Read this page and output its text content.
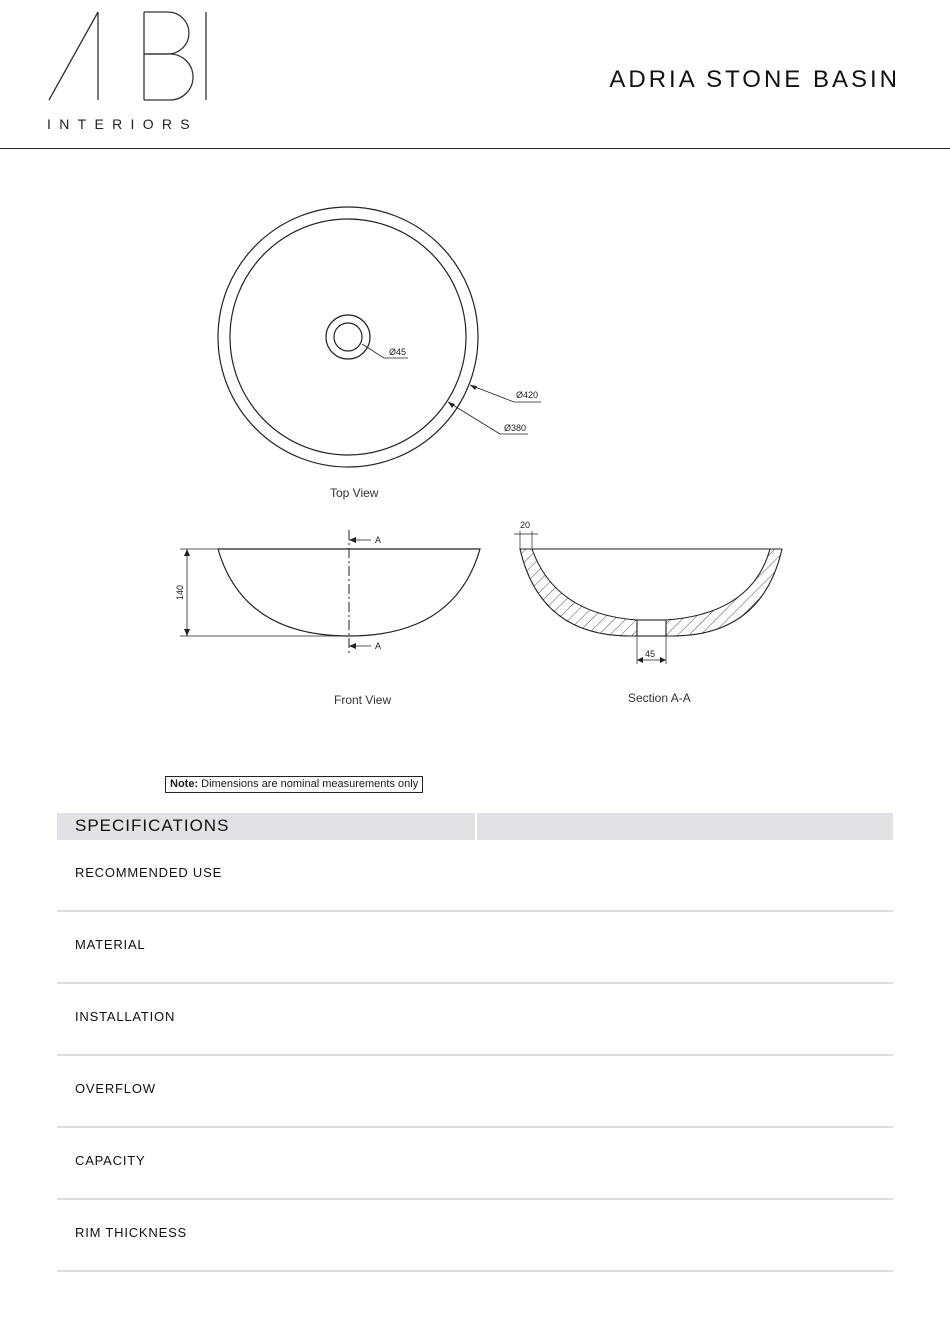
INTERIORS
ADRIA STONE BASIN
Ø45
Ø420
Ø380
Top View
140
A
A
Front View
20
45
Section A-A
Note: Dimensions are nominal measurements only
SPECIFICATIONS
RECOMMENDED USE
MATERIAL
INSTALLATION
OVERFLOW
CAPACITY
RIM THICKNESS
